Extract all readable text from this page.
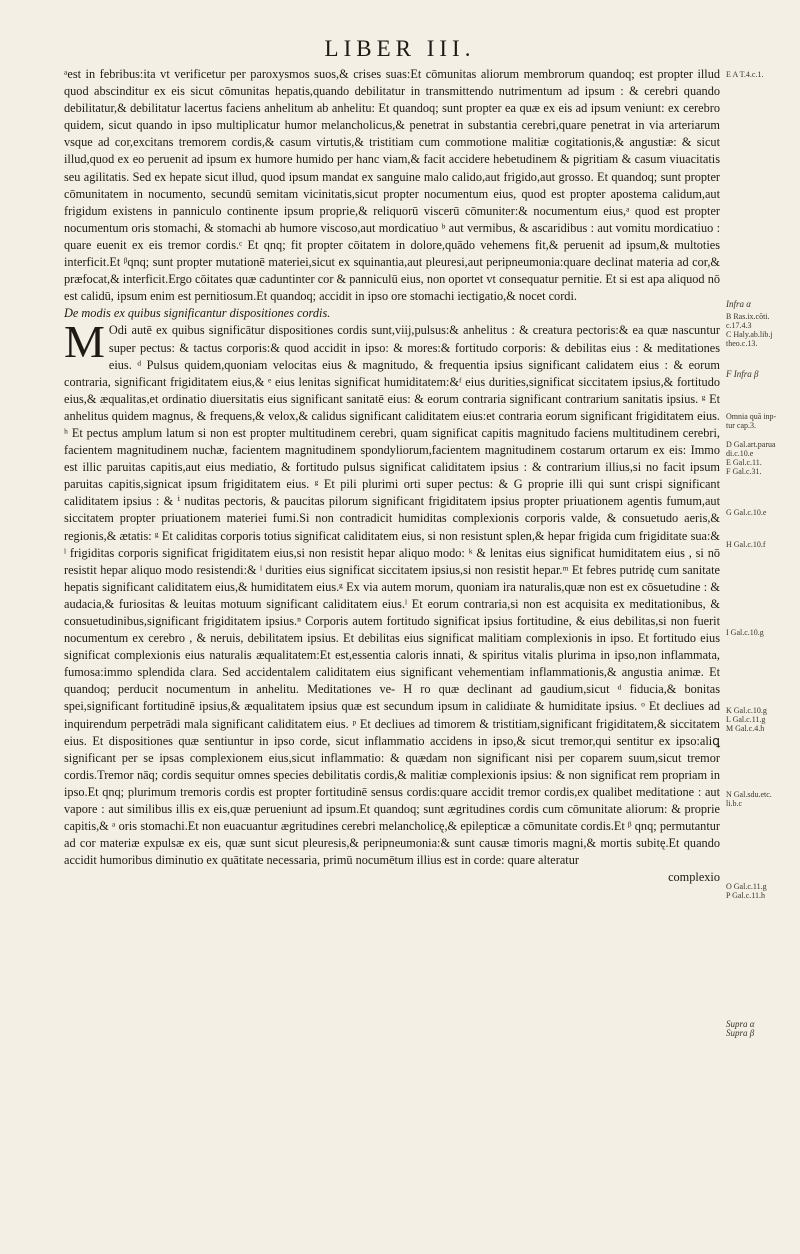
LIBER III.

ᵃest in febribus:ita vt verificetur per paroxysmos suos,& crises suas:Et cōmunitas aliorum membrorum quandoq; est propter illud quod abscinditur ex eis sicut cōmunitas hepatis,quando debilitatur in transmittendo nutrimentum ad ipsum : & cerebri quando debilitatur,& debilitatur lacertus faciens anhelitum ab anhelitu: Et quandoq; sunt propter ea quæ ex eis ad ipsum veniunt: ex cerebro quidem, sicut quando in ipso multiplicatur humor melancholicus,& penetrat in substantia cerebri,quare penetrat in via arteriarum vsque ad cor,excitans tremorem cordis,& casum virtutis,& tristitiam cum commotione malitiæ cogitationis,& angustiæ: & sicut illud,quod ex eo peruenit ad ipsum ex humore humido per hanc viam,& facit accidere hebetudinem & pigritiam & casum viuacitatis seu agilitatis. Sed ex hepate sicut illud, quod ipsum mandat ex sanguine malo calido,aut frigido,aut grosso. Et quandoq; sunt propter cōmunitatem in nocumento, secundū semitam vicinitatis,sicut propter nocumentum eius, quod est propter apostema calidum,aut frigidum existens in panniculo continente ipsum proprie,& reliquorū viscerū cōmuniter:& nocumentum eius,ᵃ quod est propter nocumentum oris stomachi, & stomachi ab humore viscoso,aut mordicatiuo ᵇ aut vermibus, & ascaridibus : aut vomitu mordicatiuo : quare euenit ex eis tremor cordis.ᶜ Et qnq; fit propter cōitatem in dolore,quādo vehemens fit,& peruenit ad ipsum,& multoties interficit.Et ᵝqnq; sunt propter mutationē materiei,sicut ex squinantia,aut pleuresi,aut peripneumonia:quare declinat materia ad cor,& præfocat,& interficit.Ergo cōitates quæ caduntinter cor & panniculū eius, non oportet vt consequatur pernitie. Et si est apa aliquod nō est calidū, ipsum enim est pernitiosum.Et quandoq; accidit in ipso ore stomachi iectigatio,& nocet cordi.

De modis ex quibus significantur dispositiones cordis.

M Odi autē ex quibus significātur dispositiones cordis sunt,viij,pulsus:& anhelitus : & creatura pectoris:& ea quæ nascuntur super pectus: & tactus corporis:& quod accidit in ipso: & mores:& fortitudo corporis: & debilitas eius : & meditationes eius. ᵈ Pulsus quidem,quoniam velocitas eius & magnitudo, & frequentia ipsius significant calidatem eius : & eorum contraria, significant frigiditatem eius,& ᵉ eius lenitas significat humiditatem:&ᶠ eius durities,significat siccitatem ipsius,& fortitudo eius,& æqualitas,et ordinatio diuersitatis eius significant sanitatē eius: & eorum contraria significant contrarium sanitatis ipsius. ᵍ Et anhelitus quidem magnus, & frequens,& velox,& calidus significant caliditatem eius:et contraria eorum significant frigiditatem eius. ʰ Et pectus amplum latum si non est propter multitudinem cerebri, quam significat capitis magnitudo faciens multitudinem cerebri, facientem magnitudinem nuchæ, facientem magnitudinem spondyliorum,facientem magnitudinem costarum ortarum ex eis: Immo est illic paruitas capitis,aut eius mediatio, & fortitudo pulsus significat caliditatem ipsius : & contrarium illius,si no facit ipsum paruitas capitis,signicat ipsum frigiditatem eius. ᵍ Et pili plurimi orti super pectus: & G proprie illi qui sunt crispi significant caliditatem ipsius : & ⁱ nuditas pectoris, & paucitas pilorum significant frigiditatem ipsius propter priuationem agentis fumum,aut siccitatem propter priuationem materiei fumi.Si non contradicit humiditas complexionis corporis valde, & consuetudo aeris,& regionis,& ætatis: ᵍ Et caliditas corporis totius significat caliditatem eius, si non resistunt splen,& hepar frigida cum frigiditate sua:& ˡ frigiditas corporis significat frigiditatem eius,si non resistit hepar aliquo modo: ᵏ & lenitas eius significat humiditatem eius , si nō resistit hepar aliquo modo resistendi:& ˡ durities eius significat siccitatem ipsius,si non resistit hepar.ᵐ Et febres putridę cum sanitate hepatis significant caliditatem eius,& humiditatem eius.ᵍ Ex via autem morum, quoniam ira naturalis,quæ non est ex cōsuetudine : & audacia,& furiositas & leuitas motuum significant caliditatem eius.ˡ Et eorum contraria,si non est acquisita ex meditationibus, & consuetudinibus,significant frigiditatem ipsius.ⁿ Corporis autem fortitudo significat ipsius fortitudine, & eius debilitas,si non fuerit nocumentum ex cerebro , & neruis, debilitatem ipsius. Et debilitas eius significat malitiam complexionis in ipso. Et fortitudo eius significat complexionis eius naturalis æqualitatem:Et est,essentia caloris innati, & spiritus vitalis plurima in ipso,non inflammata, fumosa:immo splendida clara. Sed accidentalem caliditatem eius significant vehementiam inflammationis,& angustia animæ. Et quandoq; perducit nocumentum in anhelitu. Meditationes ve- H ro quæ declinant ad gaudium,sicut ᵈ fiducia,& bonitas spei,significant fortitudinē ipsius,& æqualitatem ipsius quæ est secundum ipsum in calidiıate & humiditate ipsius. ᵒ Et decliues ad inquirendum perpetrādi mala significant caliditatem eius. ᵖ Et decliues ad timorem & tristitiam,significant frigiditatem,& siccitatem eius. Et dispositiones quæ sentiuntur in ipso corde, sicut inflammatio accidens in ipso,& sicut tremor,qui sentitur ex ipso:aliꝗ significant per se ipsas complexionem eius,sicut inflammatio: & quædam non significant nisi per coparem suum,sicut tremor cordis.Tremor nāq; cordis sequitur omnes species debilitatis cordis,& malitiæ complexionis ipsius: & non significat rem propriam in ipso.Et qnq; plurimum tremoris cordis est propter fortitudinē sensus cordis:quare accidit tremor cordis,ex qualibet meditatione : aut vapore : aut similibus illis ex eis,quæ perueniunt ad ipsum.Et quandoq; sunt ægritudines cordis cum cōmunitate aliorum: & proprie capitis,& ᵃ oris stomachi.Et non euacuantur ægritudines cerebri melancholicę,& epilepticæ a cōmunitate cordis.Et ᵝ qnq; permutantur ad cor materiæ expulsæ ex eis, quæ sunt sicut pleuresis,& peripneumonia:& sunt causæ timoris magni,& mortis subitę.Et quando accidit humoribus diminutio ex quātitate necessaria, primū nocumētum illius est in corde: quare alteratur

complexio

E A T.4.c.1.
Infra α
B Ras.ix.cōti.
c.17.4.3
C Haly.ab.lib.j
theo.c.13.
F Infra β
Omnia quā inp-
tur cap.3.
D Gal.art.parua
di.c.10.e
E Gal.c.11.
F Gal.c.31.
G Gal.c.10.e
H Gal.c.10.f
I Gal.c.10.g
K Gal.c.10.g
L Gal.c.11.g
M Gal.c.4.h
N Gal.sdu.etc.
li.b.c
O Gal.c.11.g
P Gal.c.11.h
Supra α
Supra β
